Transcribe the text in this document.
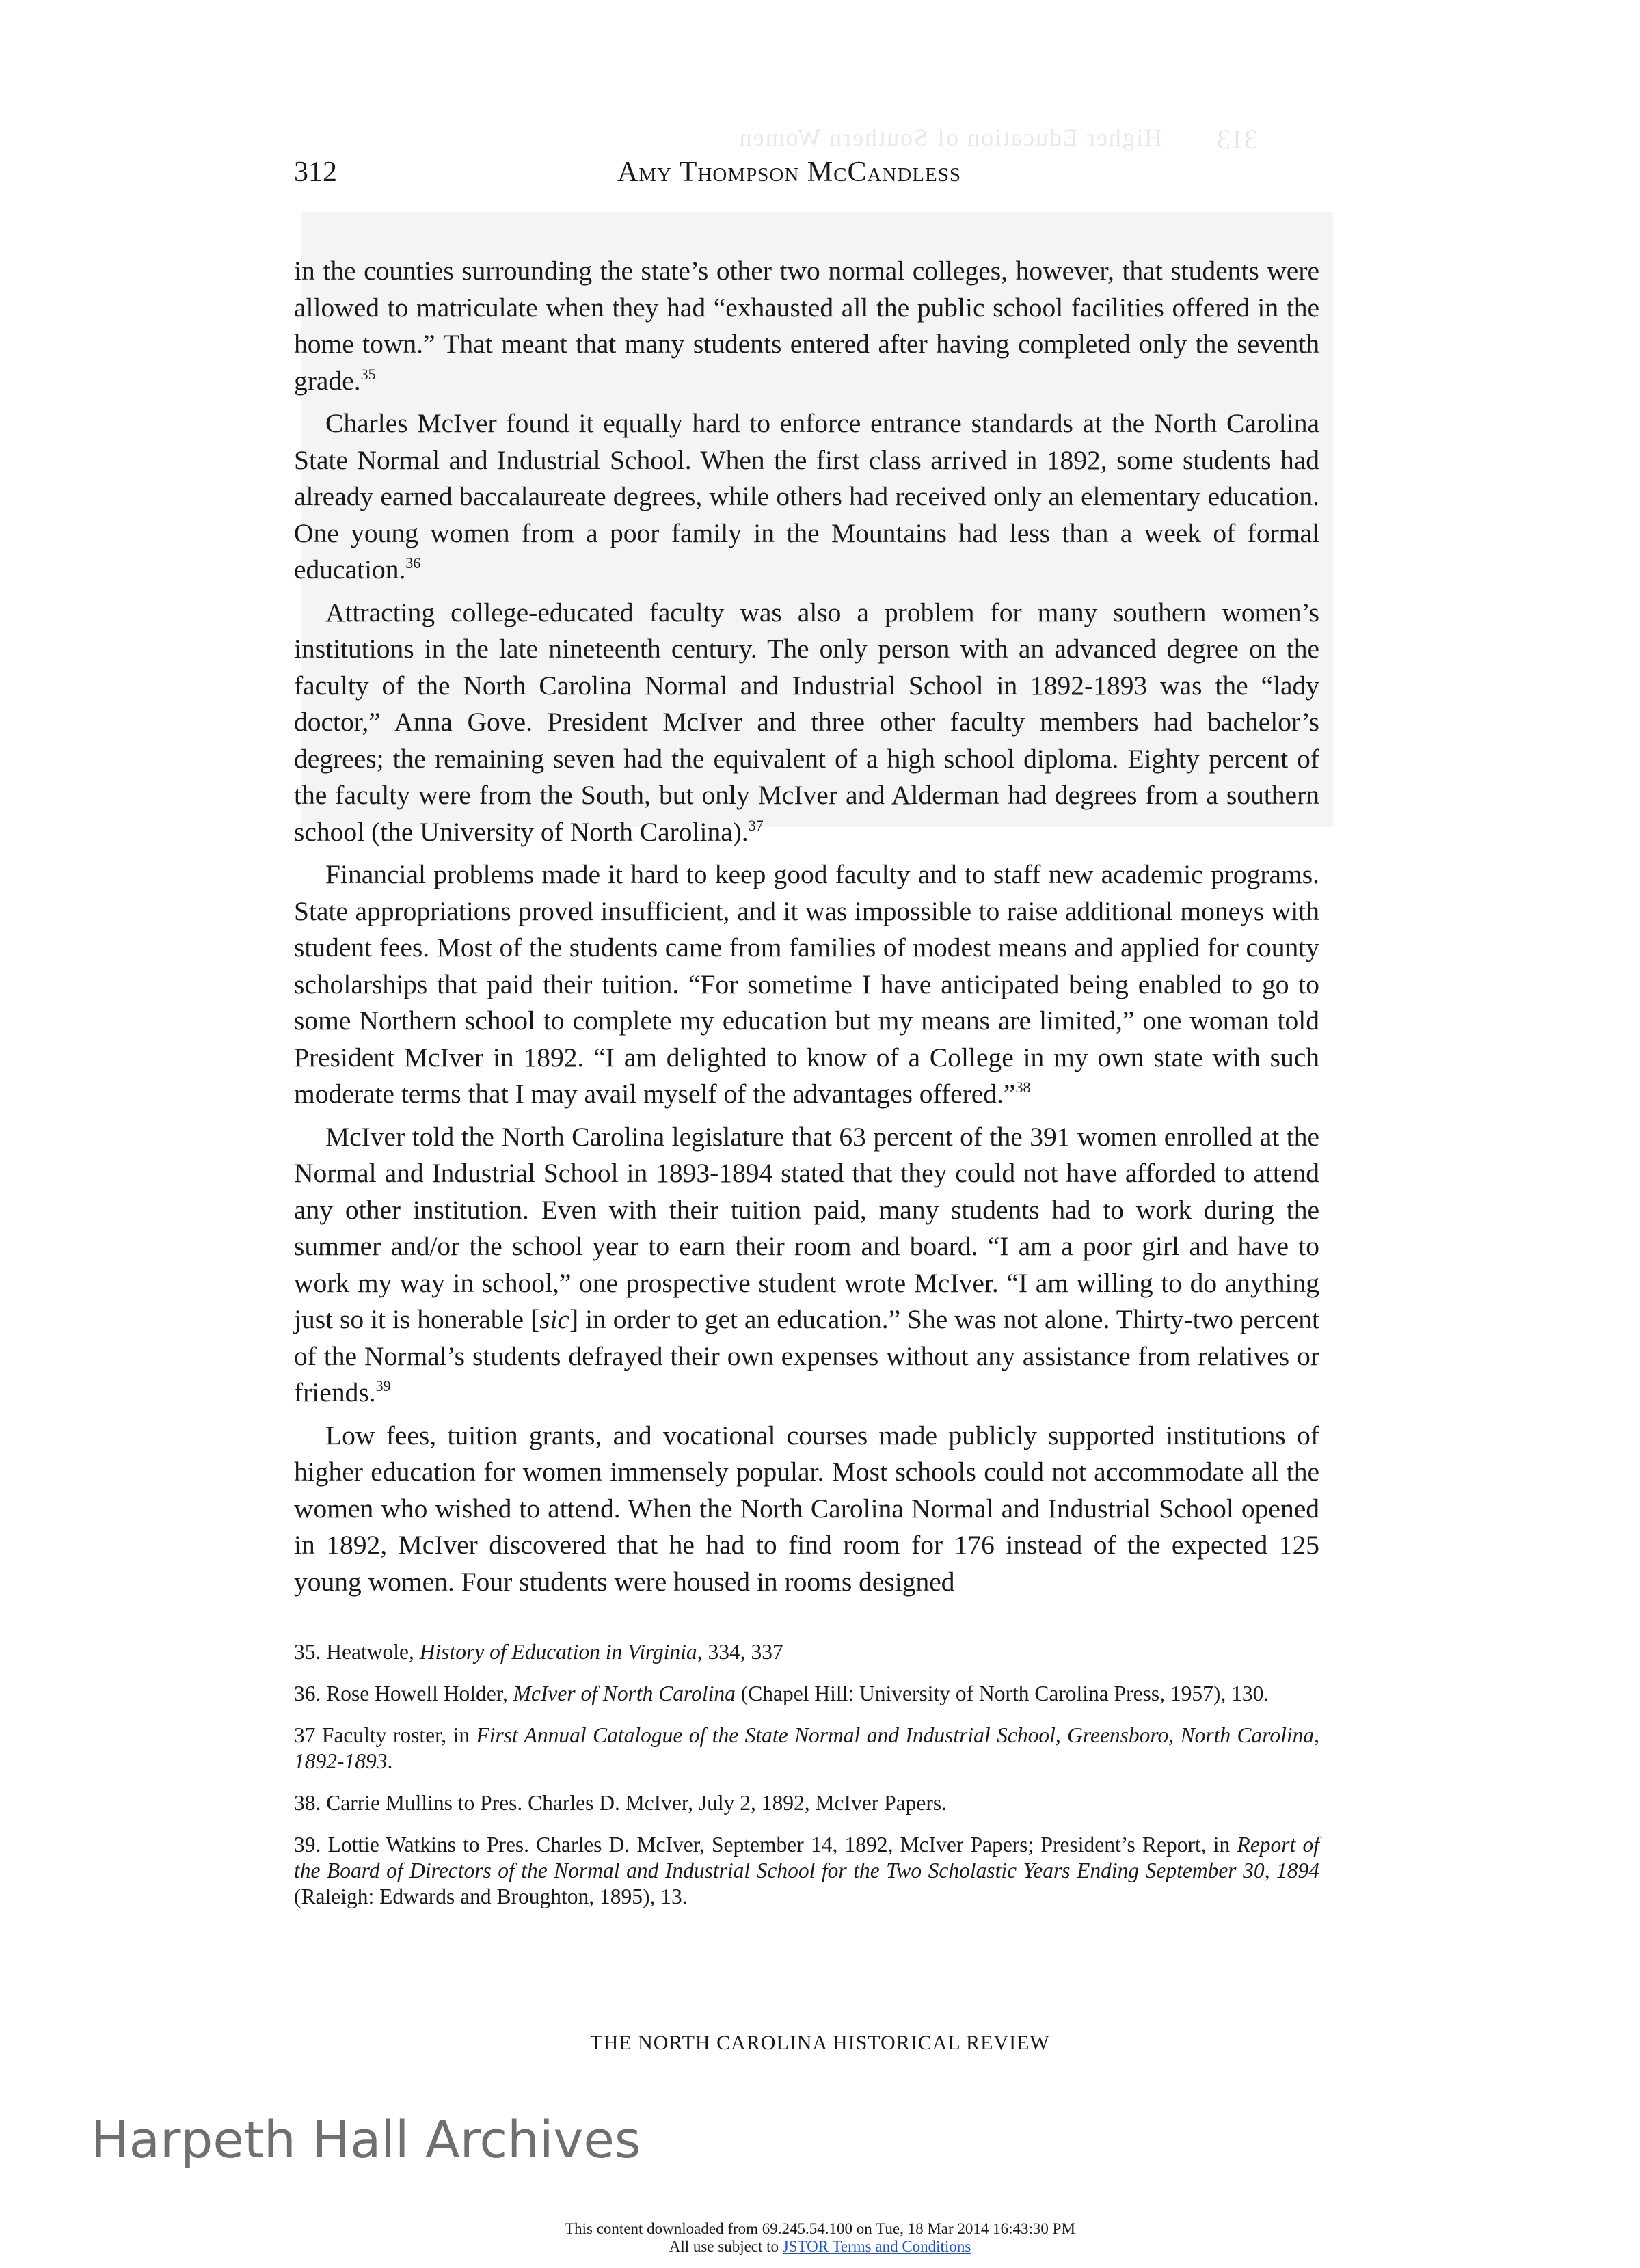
Higher Education of Southern Women 313
312	Amy Thompson McCandless

in the counties surrounding the state’s other two normal colleges, however, that students were allowed to matriculate when they had “exhausted all the public school facilities offered in the home town.” That meant that many students entered after having completed only the seventh grade.$^{35}$

Charles McIver found it equally hard to enforce entrance standards at the North Carolina State Normal and Industrial School. When the first class arrived in 1892, some students had already earned baccalaureate degrees, while others had received only an elementary education. One young women from a poor family in the Mountains had less than a week of formal education.$^{36}$

Attracting college-educated faculty was also a problem for many southern women’s institutions in the late nineteenth century. The only person with an advanced degree on the faculty of the North Carolina Normal and Industrial School in 1892-1893 was the “lady doctor,” Anna Gove. President McIver and three other faculty members had bachelor’s degrees; the remaining seven had the equivalent of a high school diploma. Eighty percent of the faculty were from the South, but only McIver and Alderman had degrees from a southern school (the University of North Carolina).$^{37}$

Financial problems made it hard to keep good faculty and to staff new academic programs. State appropriations proved insufficient, and it was impossible to raise additional moneys with student fees. Most of the students came from families of modest means and applied for county scholarships that paid their tuition. “For sometime I have anticipated being enabled to go to some Northern school to complete my education but my means are limited,” one woman told President McIver in 1892. “I am delighted to know of a College in my own state with such moderate terms that I may avail myself of the advantages offered.”$^{38}$

McIver told the North Carolina legislature that 63 percent of the 391 women enrolled at the Normal and Industrial School in 1893-1894 stated that they could not have afforded to attend any other institution. Even with their tuition paid, many students had to work during the summer and/or the school year to earn their room and board. “I am a poor girl and have to work my way in school,” one prospective student wrote McIver. “I am willing to do anything just so it is honerable [sic] in order to get an education.” She was not alone. Thirty-two percent of the Normal’s students defrayed their own expenses without any assistance from relatives or friends.$^{39}$

Low fees, tuition grants, and vocational courses made publicly supported institutions of higher education for women immensely popular. Most schools could not accommodate all the women who wished to attend. When the North Carolina Normal and Industrial School opened in 1892, McIver discovered that he had to find room for 176 instead of the expected 125 young women. Four students were housed in rooms designed

35. Heatwole, History of Education in Virginia, 334, 337
36. Rose Howell Holder, McIver of North Carolina (Chapel Hill: University of North Carolina Press, 1957), 130.
37 Faculty roster, in First Annual Catalogue of the State Normal and Industrial School, Greensboro, North Carolina, 1892-1893.
38. Carrie Mullins to Pres. Charles D. McIver, July 2, 1892, McIver Papers.
39. Lottie Watkins to Pres. Charles D. McIver, September 14, 1892, McIver Papers; President’s Report, in Report of the Board of Directors of the Normal and Industrial School for the Two Scholastic Years Ending September 30, 1894 (Raleigh: Edwards and Broughton, 1895), 13.
THE NORTH CAROLINA HISTORICAL REVIEW
Harpeth Hall Archives
This content downloaded from 69.245.54.100 on Tue, 18 Mar 2014 16:43:30 PM
All use subject to JSTOR Terms and Conditions
